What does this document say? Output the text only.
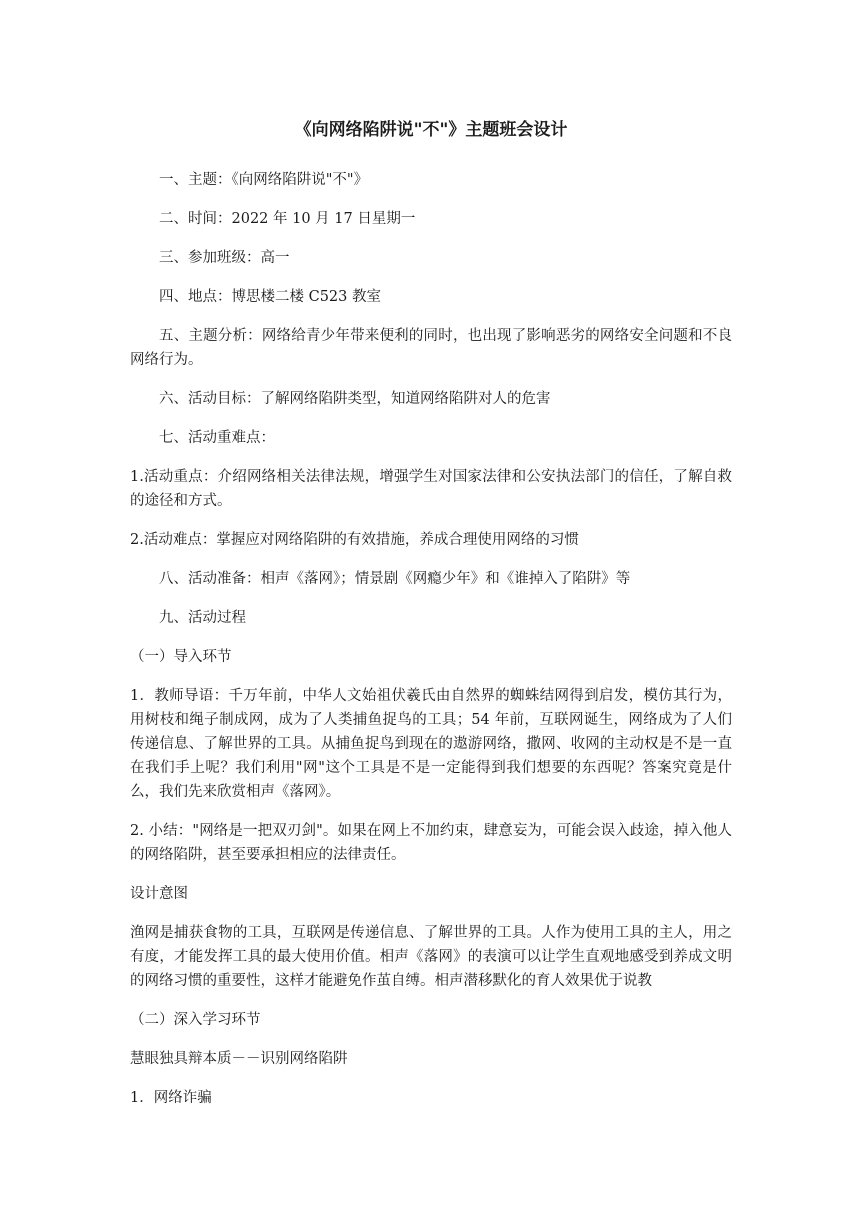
《向网络陷阱说"不"》主题班会设计

一、主题：《向网络陷阱说"不"》

二、时间：2022 年 10 月 17 日星期一

三、参加班级：高一

四、地点：博思楼二楼 C523 教室

五、主题分析：网络给青少年带来便利的同时，也出现了影响恶劣的网络安全问题和不良网络行为。

六、活动目标：了解网络陷阱类型，知道网络陷阱对人的危害

七、活动重难点：

1.活动重点：介绍网络相关法律法规，增强学生对国家法律和公安执法部门的信任，了解自救的途径和方式。

2.活动难点：掌握应对网络陷阱的有效措施，养成合理使用网络的习惯

八、活动准备：相声《落网》；情景剧《网瘾少年》和《谁掉入了陷阱》等

九、活动过程

（一）导入环节

1．教师导语：千万年前，中华人文始祖伏羲氏由自然界的蜘蛛结网得到启发，模仿其行为，用树枝和绳子制成网，成为了人类捕鱼捉鸟的工具；54 年前，互联网诞生，网络成为了人们传递信息、了解世界的工具。从捕鱼捉鸟到现在的遨游网络，撒网、收网的主动权是不是一直在我们手上呢？我们利用"网"这个工具是不是一定能得到我们想要的东西呢？答案究竟是什么，我们先来欣赏相声《落网》。

2. 小结："网络是一把双刃剑"。如果在网上不加约束，肆意妄为，可能会误入歧途，掉入他人的网络陷阱，甚至要承担相应的法律责任。

设计意图

渔网是捕获食物的工具，互联网是传递信息、了解世界的工具。人作为使用工具的主人，用之有度，才能发挥工具的最大使用价值。相声《落网》的表演可以让学生直观地感受到养成文明的网络习惯的重要性，这样才能避免作茧自缚。相声潜移默化的育人效果优于说教

（二）深入学习环节

慧眼独具辩本质－－识别网络陷阱

1．网络诈骗
